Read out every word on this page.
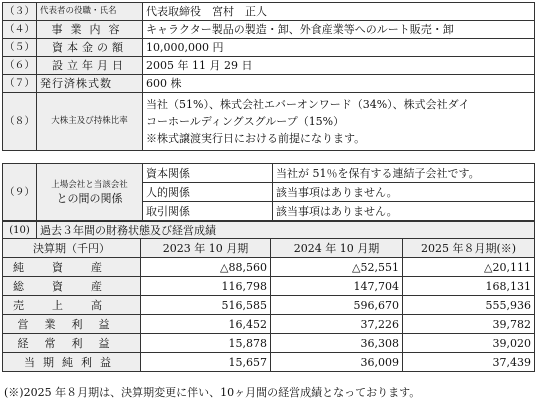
（３）	代表者の役職・氏名	代表取締役　宮村　正人
（４）	事業内容	キャラクター製品の製造・卸、外食産業等へのルート販売・卸
（５）	資本金の額	10,000,000 円
（６）	設立年月日	2005 年 11 月 29 日
（７）	発行済株式数	600 株
（８）	大株主及び持株比率	当社（51%）、株式会社エバーオンワード（34%）、株式会社ダイ
コーホールディングスグループ（15%）
※株式譲渡実行日における前提になります。
（９）	上場会社と当該会社
との間の関係	資本関係	当社が 51％を保有する連結子会社です。
		人的関係	該当事項はありません。
		取引関係	該当事項はありません。
(10)	過去３年間の財務状態及び経営成績			
決算期（千円）		2023 年 10 月期	2024 年 10 月期	2025 年８月期(※)
純資産		△88,560	△52,551	△20,111
総資産		116,798	147,704	168,131
売上高		516,585	596,670	555,936
営業利益		16,452	37,226	39,782
経常利益		15,878	36,308	39,020
当期純利益		15,657	36,009	37,439
(※)2025 年８月期は、決算期変更に伴い、10ヶ月間の経営成績となっております。
